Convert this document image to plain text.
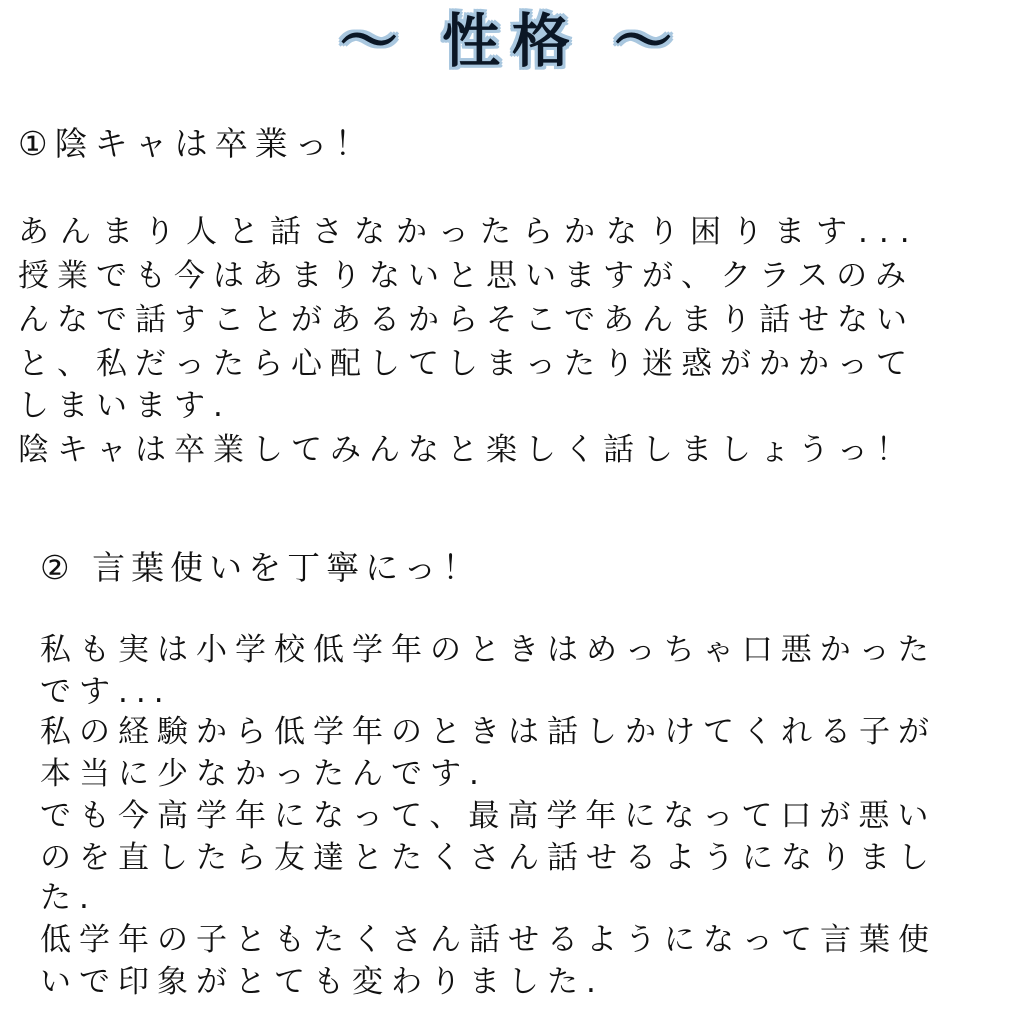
～ 性格 ～
①陰キャは卒業っ！
あんまり人と話さなかったらかなり困ります...
授業でも今はあまりないと思いますが、クラスのみ
んなで話すことがあるからそこであんまり話せない
と、私だったら心配してしまったり迷惑がかかって
しまいます.
陰キャは卒業してみんなと楽しく話しましょうっ！
② 言葉使いを丁寧にっ！
私も実は小学校低学年のときはめっちゃ口悪かった
です...
私の経験から低学年のときは話しかけてくれる子が
本当に少なかったんです.
でも今高学年になって、最高学年になって口が悪い
のを直したら友達とたくさん話せるようになりまし
た.
低学年の子ともたくさん話せるようになって言葉使
いで印象がとても変わりました.
